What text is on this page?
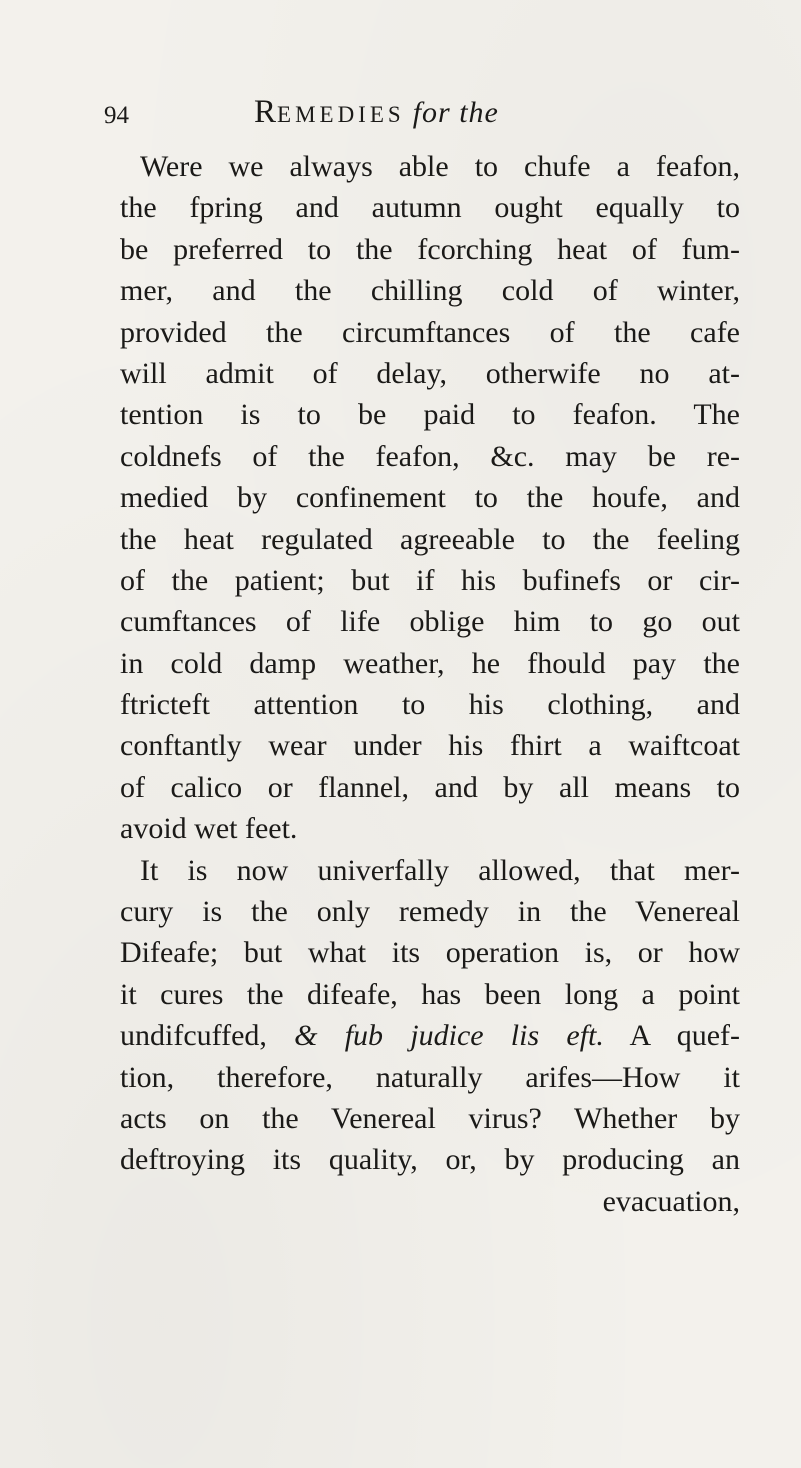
94	REMEDIES for the
Were we always able to chufe a feafon,
the fpring and autumn ought equally to
be preferred to the fcorching heat of fum-
mer, and the chilling cold of winter,
provided the circumftances of the cafe
will admit of delay, otherwife no at-
tention is to be paid to feafon. The
coldnefs of the feafon, &c. may be re-
medied by confinement to the houfe, and
the heat regulated agreeable to the feeling
of the patient; but if his bufinefs or cir-
cumftances of life oblige him to go out
in cold damp weather, he fhould pay the
ftricteft attention to his clothing, and
conftantly wear under his fhirt a waiftcoat
of calico or flannel, and by all means to
avoid wet feet.
It is now univerfally allowed, that mer-
cury is the only remedy in the Venereal
Difeafe; but what its operation is, or how
it cures the difeafe, has been long a point
undifcuffed, & fub judice lis eft. A quef-
tion, therefore, naturally arifes—How it
acts on the Venereal virus? Whether by
deftroying its quality, or, by producing an
evacuation,
